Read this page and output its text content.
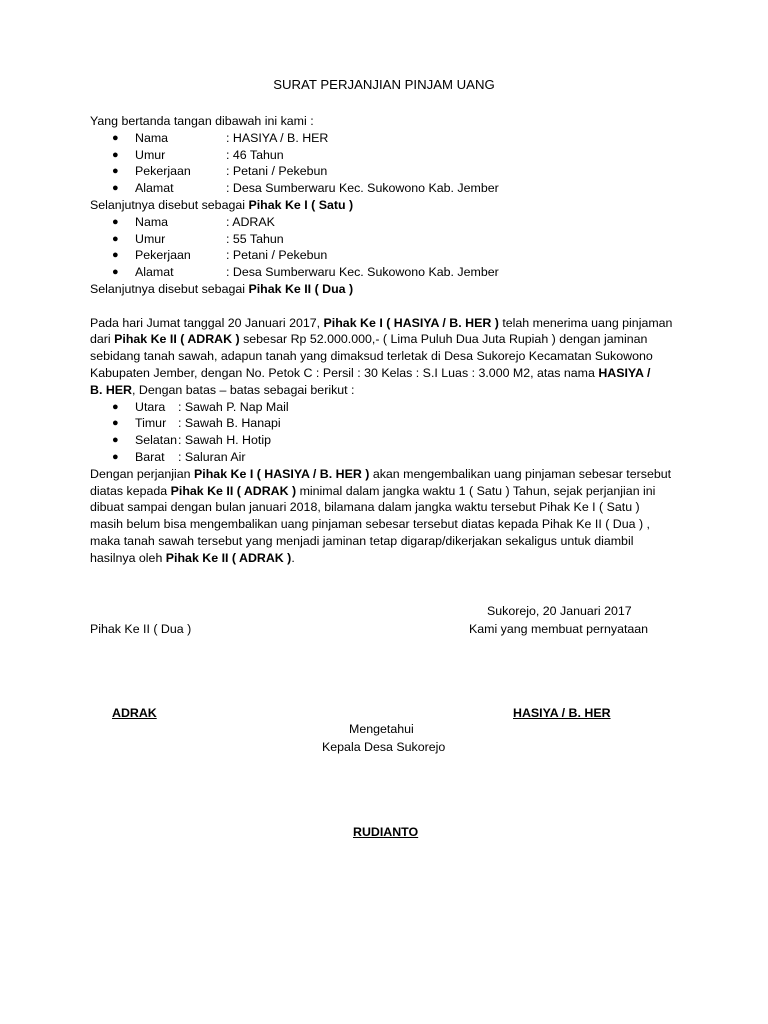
SURAT PERJANJIAN PINJAM UANG
Yang bertanda tangan dibawah ini kami :
● Nama	: HASIYA / B. HER
● Umur	: 46 Tahun
● Pekerjaan	: Petani / Pekebun
● Alamat	: Desa Sumberwaru Kec. Sukowono Kab. Jember
Selanjutnya disebut sebagai Pihak Ke I ( Satu )
● Nama	: ADRAK
● Umur	: 55 Tahun
● Pekerjaan	: Petani / Pekebun
● Alamat	: Desa Sumberwaru Kec. Sukowono Kab. Jember
Selanjutnya disebut sebagai Pihak Ke II ( Dua )
Pada hari Jumat tanggal 20 Januari 2017, Pihak Ke I ( HASIYA / B. HER ) telah menerima uang pinjaman
dari Pihak Ke II ( ADRAK ) sebesar Rp 52.000.000,- ( Lima Puluh Dua Juta Rupiah ) dengan jaminan
sebidang tanah sawah, adapun tanah yang dimaksud terletak di Desa Sukorejo Kecamatan Sukowono
Kabupaten Jember, dengan No. Petok C : Persil : 30 Kelas : S.I Luas : 3.000 M2, atas nama HASIYA /
B. HER, Dengan batas – batas sebagai berikut :
● Utara : Sawah P. Nap Mail
● Timur : Sawah B. Hanapi
● Selatan : Sawah H. Hotip
● Barat : Saluran Air
Dengan perjanjian Pihak Ke I ( HASIYA / B. HER ) akan mengembalikan uang pinjaman sebesar tersebut
diatas kepada Pihak Ke II ( ADRAK ) minimal dalam jangka waktu 1 ( Satu ) Tahun, sejak perjanjian ini
dibuat sampai dengan bulan januari 2018, bilamana dalam jangka waktu tersebut Pihak Ke I ( Satu )
masih belum bisa mengembalikan uang pinjaman sebesar tersebut diatas kepada Pihak Ke II ( Dua ) ,
maka tanah sawah tersebut yang menjadi jaminan tetap digarap/dikerjakan sekaligus untuk diambil
hasilnya oleh Pihak Ke II ( ADRAK ).
Sukorejo, 20 Januari 2017
Pihak Ke II ( Dua )	Kami yang membuat pernyataan
ADRAK	HASIYA / B. HER
Mengetahui
Kepala Desa Sukorejo
RUDIANTO
